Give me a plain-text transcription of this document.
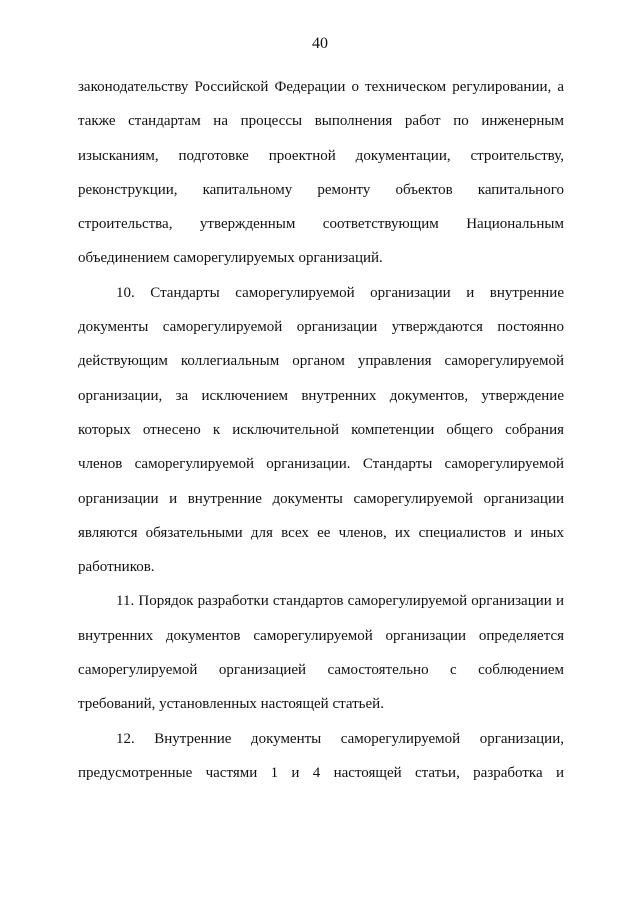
40
законодательству Российской Федерации о техническом регулировании, а
также стандартам на процессы выполнения работ по инженерным
изысканиям, подготовке проектной документации, строительству,
реконструкции, капитальному ремонту объектов капитального
строительства, утвержденным соответствующим Национальным
объединением саморегулируемых организаций.
10. Стандарты саморегулируемой организации и внутренние
документы саморегулируемой организации утверждаются постоянно
действующим коллегиальным органом управления саморегулируемой
организации, за исключением внутренних документов, утверждение
которых отнесено к исключительной компетенции общего собрания
членов саморегулируемой организации. Стандарты саморегулируемой
организации и внутренние документы саморегулируемой организации
являются обязательными для всех ее членов, их специалистов и иных
работников.
11. Порядок разработки стандартов саморегулируемой организации и
внутренних документов саморегулируемой организации определяется
саморегулируемой организацией самостоятельно с соблюдением
требований, установленных настоящей статьей.
12. Внутренние документы саморегулируемой организации,
предусмотренные частями 1 и 4 настоящей статьи, разработка и
